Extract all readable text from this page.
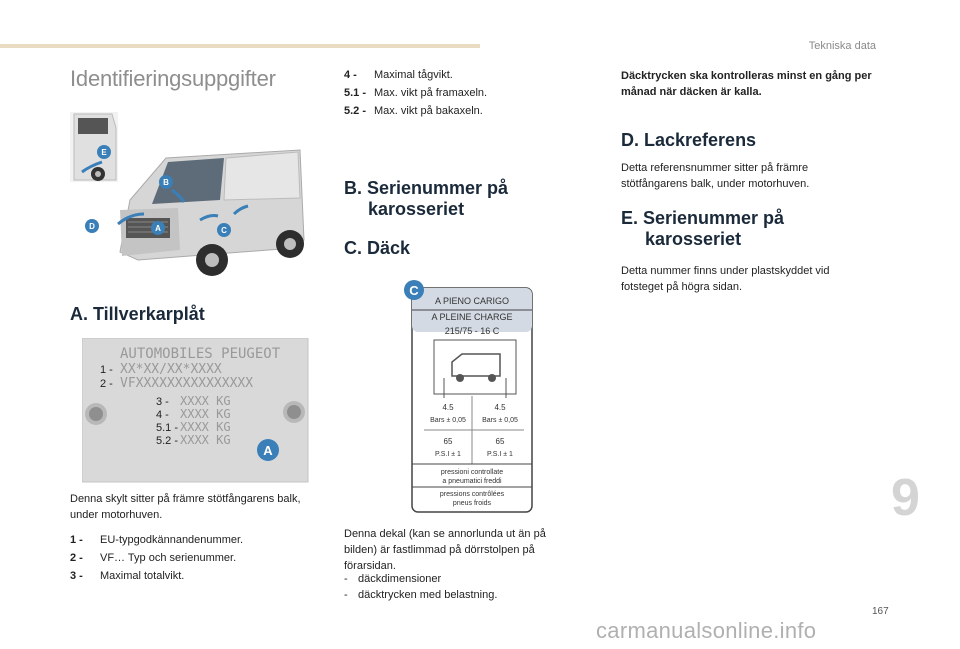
Tekniska data
Identifieringsuppgifter
E
B
D	A	C
A. Tillverkarplåt
AUTOMOBILES PEUGEOT
1 - XX*XX/XX*XXXX
2 - VFXXXXXXXXXXXXXXX
3 - XXXX KG
4 - XXXX KG
5.1 - XXXX KG
5.2 - XXXX KG
A
Denna skylt sitter på främre stötfångarens balk, under motorhuven.
1 -	EU-typgodkännandenummer.
2 -	VF… Typ och serienummer.
3 -	Maximal totalvikt.
4 -	Maximal tågvikt.
5.1 - Max. vikt på framaxeln.
5.2 - Max. vikt på bakaxeln.
B. Serienummer på
karosseriet
C. Däck
A PIENO CARIGO
A PLEINE CHARGE
215/75 - 16 C
4.5
Bars ± 0,05
4.5
Bars ± 0,05
65
P.S.I ± 1
65
P.S.I ± 1
pressioni controllate
a pneumatici freddi
pressions contrôlées
pneus froids
C
Denna dekal (kan se annorlunda ut än på bilden) är fastlimmad på dörrstolpen på förarsidan.
- däckdimensioner
- däcktrycken med belastning.
Däcktrycken ska kontrolleras minst en gång per månad när däcken är kalla.
D. Lackreferens
Detta referensnummer sitter på främre stötfångarens balk, under motorhuven.
E. Serienummer på
karosseriet
Detta nummer finns under plastskyddet vid fotsteget på högra sidan.
9
167
carmanualsonline.info
